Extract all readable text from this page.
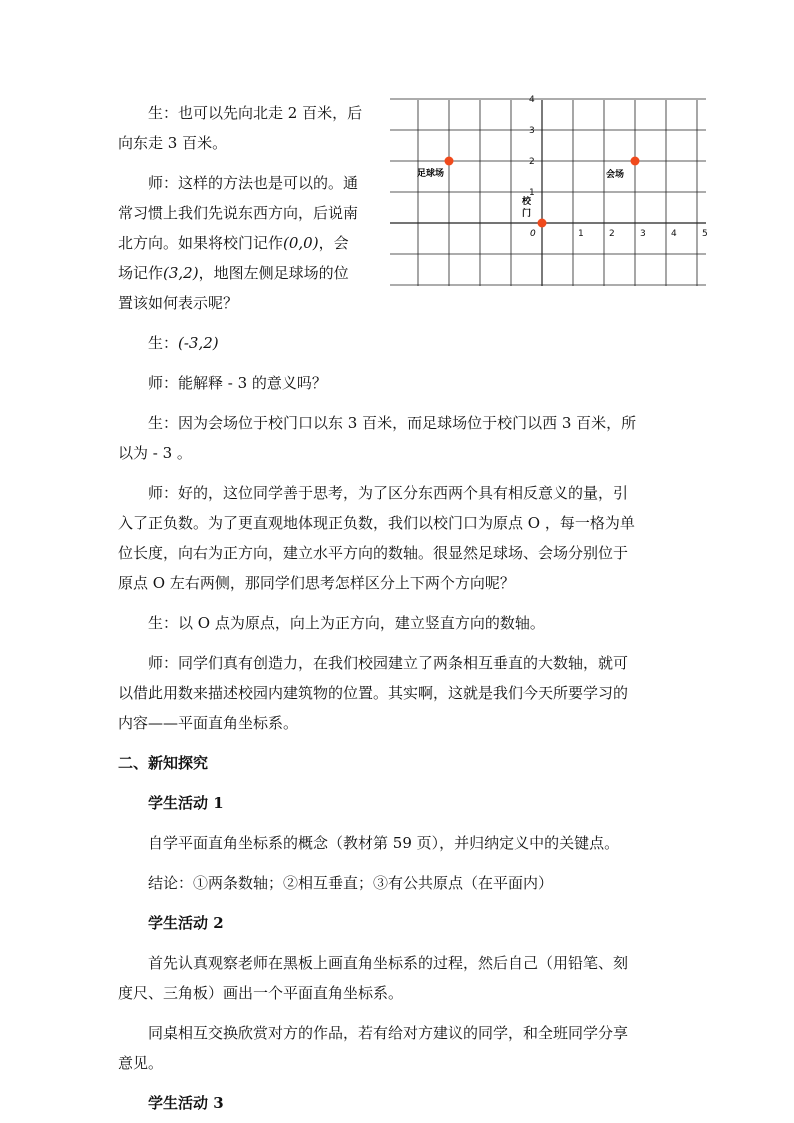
1	2	3	4	5
1
2
3
4
0
校 门
足球场	会场

生：也可以先向北走 2 百米，后

向东走 3 百米。

师：这样的方法也是可以的。通

常习惯上我们先说东西方向，后说南

北方向。如果将校门记作(0,0)，会

场记作(3,2)，地图左侧足球场的位

置该如何表示呢？

生：(-3,2)

师：能解释 - 3 的意义吗？

生：因为会场位于校门口以东 3 百米，而足球场位于校门以西 3 百米，所

以为 - 3 。

师：好的，这位同学善于思考，为了区分东西两个具有相反意义的量，引

入了正负数。为了更直观地体现正负数，我们以校门口为原点 O ，每一格为单

位长度，向右为正方向，建立水平方向的数轴。很显然足球场、会场分别位于

原点 O 左右两侧，那同学们思考怎样区分上下两个方向呢？

生：以 O 点为原点，向上为正方向，建立竖直方向的数轴。

师：同学们真有创造力，在我们校园建立了两条相互垂直的大数轴，就可

以借此用数来描述校园内建筑物的位置。其实啊，这就是我们今天所要学习的

内容——平面直角坐标系。

二、新知探究

学生活动 1

自学平面直角坐标系的概念（教材第 59 页），并归纳定义中的关键点。

结论：①两条数轴；②相互垂直；③有公共原点（在平面内）

学生活动 2

首先认真观察老师在黑板上画直角坐标系的过程，然后自己（用铅笔、刻

度尺、三角板）画出一个平面直角坐标系。

同桌相互交换欣赏对方的作品，若有给对方建议的同学，和全班同学分享

意见。

学生活动 3
